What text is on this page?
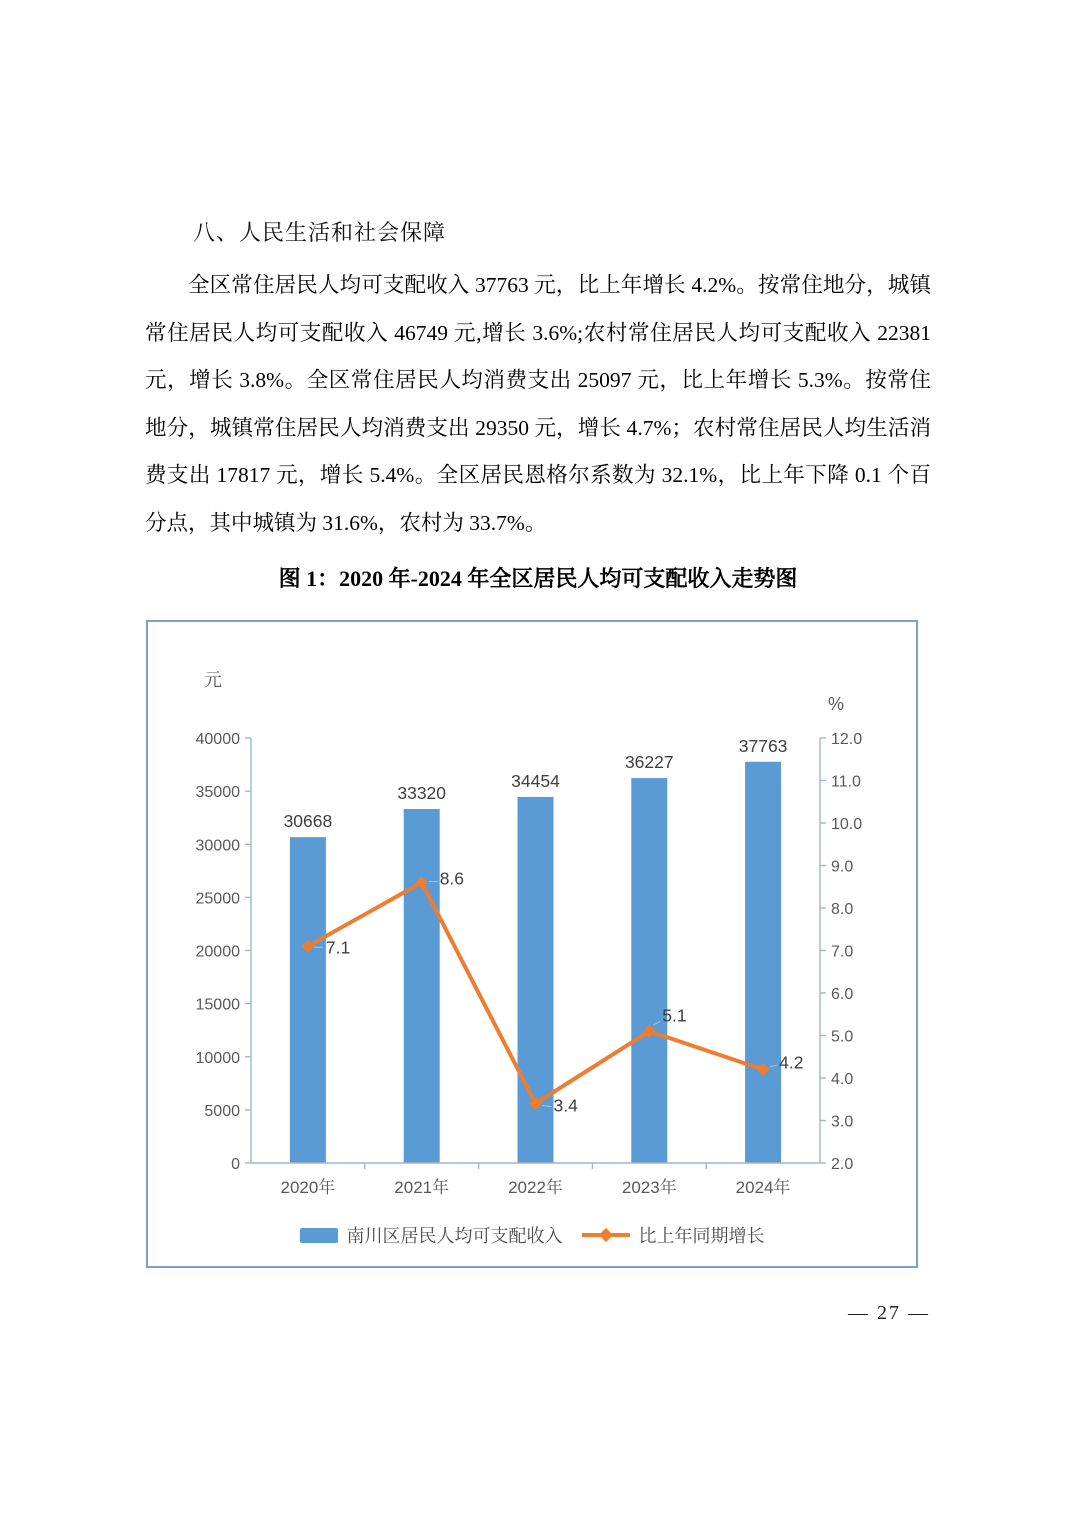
八、人民生活和社会保障
全区常住居民人均可支配收入 37763 元，比上年增长 4.2%。按常住地分，城镇
常住居民人均可支配收入 46749 元,增长 3.6%;农村常住居民人均可支配收入 22381
元，增长 3.8%。全区常住居民人均消费支出 25097 元，比上年增长 5.3%。按常住
地分，城镇常住居民人均消费支出 29350 元，增长 4.7%；农村常住居民人均生活消
费支出 17817 元，增长 5.4%。全区居民恩格尔系数为 32.1%，比上年下降 0.1 个百
分点，其中城镇为 31.6%，农村为 33.7%。
图 1：2020 年-2024 年全区居民人均可支配收入走势图
30668
33320
34454
36227
37763
0
5000
10000
15000
20000
25000
30000
35000
40000
2.0
3.0
4.0
5.0
6.0
7.0
8.0
9.0
10.0
11.0
12.0
2020年	2021年	2022年	2023年	2024年
元
%
7.1
8.6
3.4
5.1
4.2
南川区居民人均可支配收入	比上年同期增长
— 27 —
